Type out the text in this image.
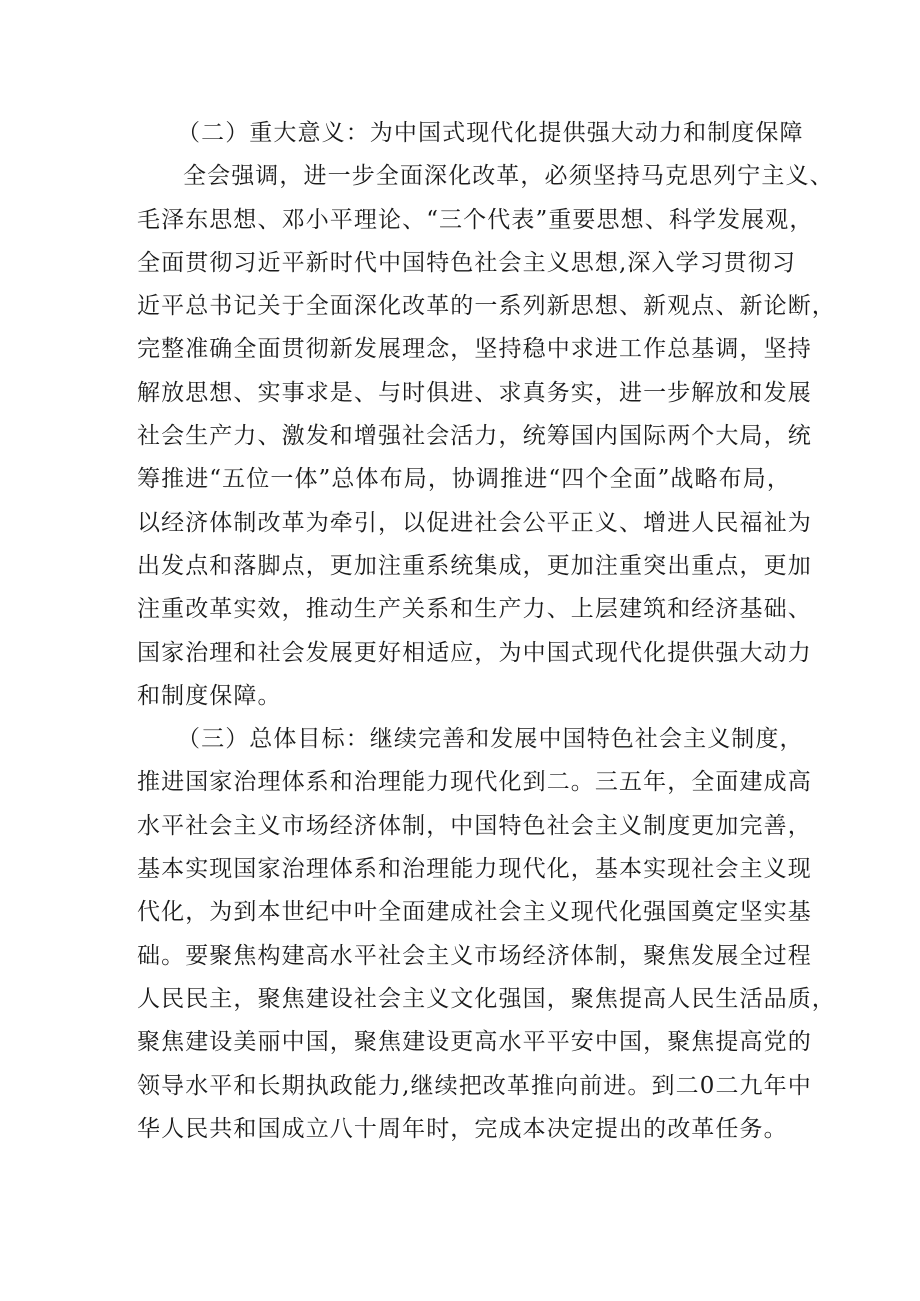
（二）重大意义：为中国式现代化提供强大动力和制度保障
全会强调，进一步全面深化改革，必须坚持马克思列宁主义、
毛泽东思想、邓小平理论、“三个代表”重要思想、科学发展观，
全面贯彻习近平新时代中国特色社会主义思想,深入学习贯彻习
近平总书记关于全面深化改革的一系列新思想、新观点、新论断，
完整准确全面贯彻新发展理念，坚持稳中求进工作总基调，坚持
解放思想、实事求是、与时俱进、求真务实，进一步解放和发展
社会生产力、激发和增强社会活力，统筹国内国际两个大局，统
筹推进“五位一体”总体布局，协调推进“四个全面”战略布局，
以经济体制改革为牵引，以促进社会公平正义、增进人民福祉为
出发点和落脚点，更加注重系统集成，更加注重突出重点，更加
注重改革实效，推动生产关系和生产力、上层建筑和经济基础、
国家治理和社会发展更好相适应，为中国式现代化提供强大动力
和制度保障。
（三）总体目标：继续完善和发展中国特色社会主义制度，
推进国家治理体系和治理能力现代化到二。三五年，全面建成高
水平社会主义市场经济体制，中国特色社会主义制度更加完善，
基本实现国家治理体系和治理能力现代化，基本实现社会主义现
代化，为到本世纪中叶全面建成社会主义现代化强国奠定坚实基
础。要聚焦构建高水平社会主义市场经济体制，聚焦发展全过程
人民民主，聚焦建设社会主义文化强国，聚焦提高人民生活品质，
聚焦建设美丽中国，聚焦建设更高水平平安中国，聚焦提高党的
领导水平和长期执政能力,继续把改革推向前进。到二0二九年中
华人民共和国成立八十周年时，完成本决定提出的改革任务。
